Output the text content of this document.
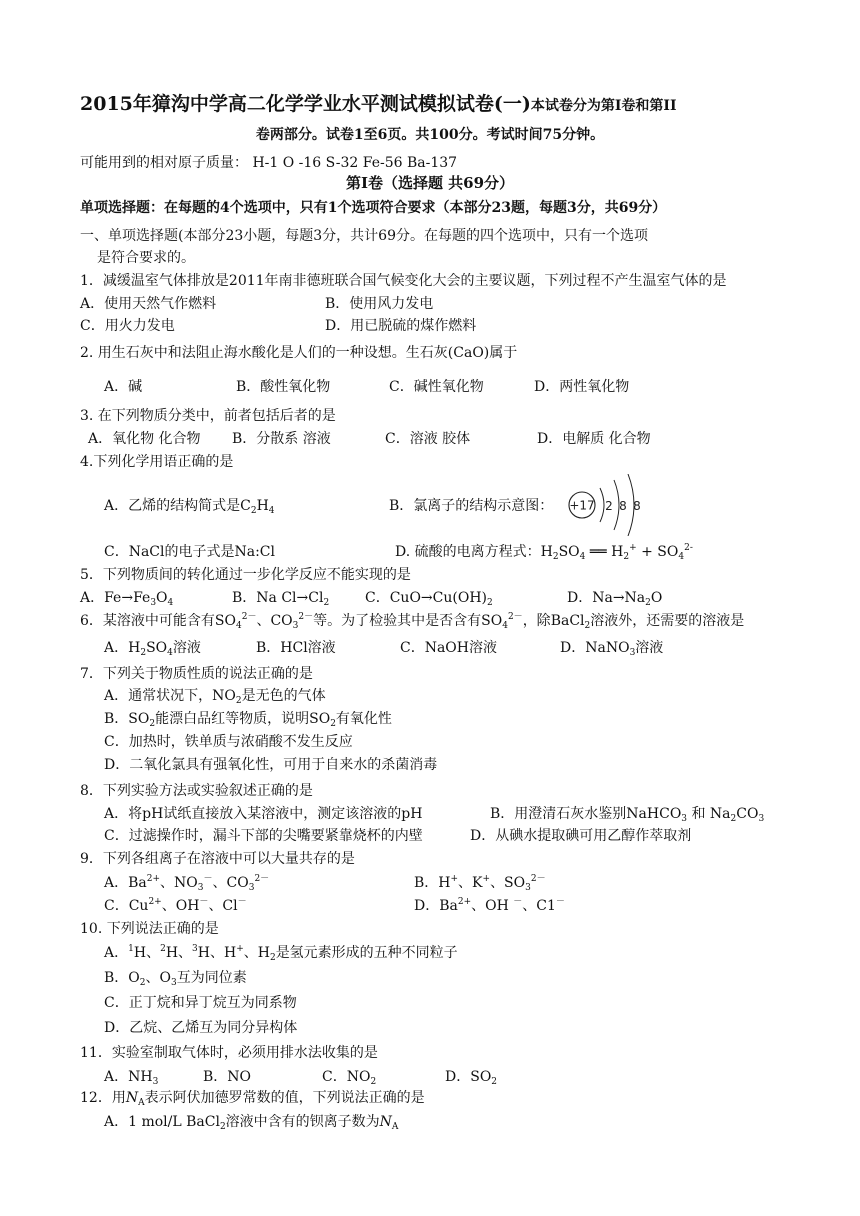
2015年獐沟中学高二化学学业水平测试模拟试卷(一)本试卷分为第I卷和第II
卷两部分。试卷1至6页。共100分。考试时间75分钟。
可能用到的相对原子质量： H-1 O -16 S-32 Fe-56 Ba-137
第Ⅰ卷（选择题 共69分）
单项选择题：在每题的4个选项中，只有1个选项符合要求（本部分23题，每题3分，共69分）
一、单项选择题(本部分23小题，每题3分，共计69分。在每题的四个选项中，只有一个选项
是符合要求的。
1．减缓温室气体排放是2011年南非德班联合国气候变化大会的主要议题，下列过程不产生温室气体的是
A．使用天然气作燃料	B．使用风力发电
C．用火力发电	D．用已脱硫的煤作燃料
2. 用生石灰中和法阻止海水酸化是人们的一种设想。生石灰(CaO)属于
A．碱	B．酸性氧化物	C．碱性氧化物	D．两性氧化物
3. 在下列物质分类中，前者包括后者的是
A．氧化物 化合物 B．分散系 溶液	C．溶液 胶体	D．电解质 化合物
4.下列化学用语正确的是
A．乙烯的结构简式是$C_2H_4$	B．氯离子的结构示意图： +17 2 8 8
C．NaCl的电子式是Na:Cl	D. 硫酸的电离方程式：$H_2SO_4$ ══ $H_2^+ + SO_4^{2-}$
5．下列物质间的转化通过一步化学反应不能实现的是
A．$Fe\to Fe_3O_4$	B．Na $Cl\to Cl_2$	C．$CuO\to Cu(OH)_2$	D．$Na\to Na_2O$
6．某溶液中可能含有$SO_4^{2-}$、$CO_3^{2-}$等。为了检验其中是否含有$SO_4^{2-}$，除BaCl$_2$溶液外，还需要的溶液是
A．$H_2SO_4$溶液	B．HCl溶液	C．NaOH溶液	D．NaNO$_3$溶液
7．下列关于物质性质的说法正确的是
A．通常状况下，$NO_2$是无色的气体
B．$SO_2$能漂白品红等物质，说明$SO_2$有氧化性
C．加热时，铁单质与浓硝酸不发生反应
D．二氧化氯具有强氧化性，可用于自来水的杀菌消毒
8．下列实验方法或实验叙述正确的是
A．将pH试纸直接放入某溶液中，测定该溶液的pH	B．用澄清石灰水鉴别NaHCO$_3$ 和 $Na_2CO_3$
C．过滤操作时，漏斗下部的尖嘴要紧靠烧杯的内壁	D．从碘水提取碘可用乙醇作萃取剂
9．下列各组离子在溶液中可以大量共存的是
A．$Ba^{2+}$、$NO_3^-$、$CO_3^{2-}$	B．H+、K+、$SO_3^{2-}$
C．$Cu^{2+}$、OH－、Cl－	D．$Ba^{2+}$、OH －、C1－
10. 下列说法正确的是
A．$^1$H、$^2$H、$^3$H、H+、$H_2$是氢元素形成的五种不同粒子
B．$O_2$、$O_3$互为同位素
C．正丁烷和异丁烷互为同系物
D．乙烷、乙烯互为同分异构体
11．实验室制取气体时，必须用排水法收集的是
A．$NH_3$	B．NO	C．$NO_2$	D．$SO_2$
12．用$N_A$表示阿伏加德罗常数的值，下列说法正确的是
A．1 mol/L BaCl$_2$溶液中含有的钡离子数为$N_A$
